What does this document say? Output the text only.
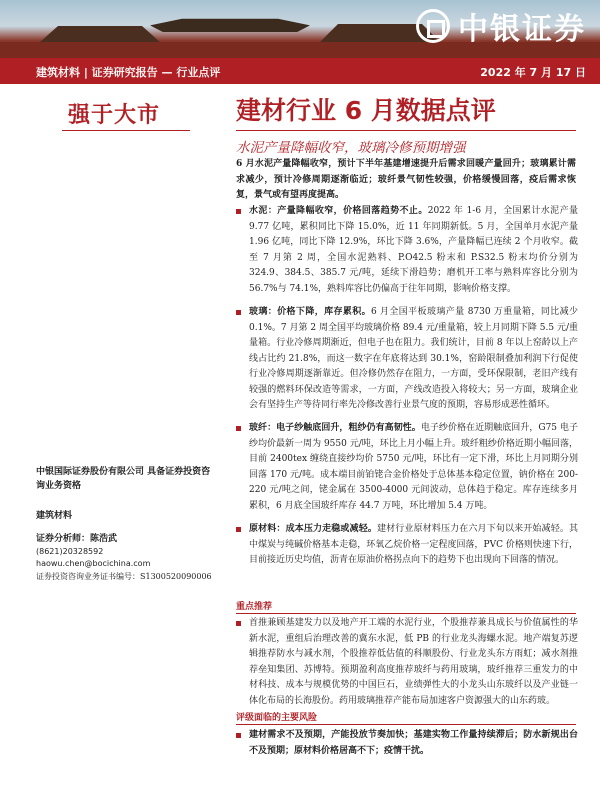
中银证券
建筑材料 | 证券研究报告 — 行业点评	2022 年 7 月 17 日
强于大市	建材行业 6 月数据点评
水泥产量降幅收窄，玻璃冷修预期增强
6 月水泥产量降幅收窄，预计下半年基建增速提升后需求回暖产量回升；玻璃累计需求减少，预计冷修周期逐渐临近；玻纤景气韧性较强，价格缓慢回落，疫后需求恢复，景气或有望再度提高。
水泥：产量降幅收窄，价格回落趋势不止。2022 年 1-6 月，全国累计水泥产量 9.77 亿吨，累积同比下降 15.0%，近 11 年同期新低。5 月，全国单月水泥产量 1.96 亿吨，同比下降 12.9%，环比下降 3.6%，产量降幅已连续 2 个月收窄。截至 7 月第 2 周，全国水泥熟料、P.O42.5 粉末和 P.S32.5 粉末均价分别为 324.9、384.5、385.7 元/吨，延续下滑趋势；磨机开工率与熟料库容比分别为 56.7%与 74.1%，熟料库容比仍偏高于往年同期，影响价格支撑。
玻璃：价格下降，库存累积。6 月全国平板玻璃产量 8730 万重量箱，同比减少 0.1%。7 月第 2 周全国平均玻璃价格 89.4 元/重量箱，较上月同期下降 5.5 元/重量箱。行业冷修周期渐近，但电子也在阻力。我们统计，目前 8 年以上窑龄以上产线占比约 21.8%，而这一数字在年底将达到 30.1%，窑龄限制叠加利润下行促使行业冷修周期逐渐靠近。但冷修仍然存在阻力，一方面，受环保限制，老旧产线有较强的燃料环保改造等需求，一方面，产线改造投入将较大；另一方面，玻璃企业会有坚持生产等待同行率先冷修改善行业景气度的预期，容易形成恶性循环。
玻纤：电子纱触底回升，粗纱仍有高韧性。电子纱价格在近期触底回升，G75 电子纱均价最新一周为 9550 元/吨，环比上月小幅上升。玻纤粗纱价格近期小幅回落，目前 2400tex 缠绕直接纱均价 5750 元/吨，环比有一定下滑，环比上月同期分别回落 170 元/吨。成本端目前铂铑合金价格处于总体基本稳定位置，钠价格在 200-220 元/吨之间，铑金属在 3500-4000 元间波动，总体趋于稳定。库存连续多月累积，6 月底全国玻纤库存 44.7 万吨，环比增加 5.4 万吨。
原材料：成本压力走稳或减轻。建材行业原材料压力在六月下旬以来开始减轻。其中煤炭与纯碱价格基本走稳，环氧乙烷价格一定程度回落，PVC 价格则快速下行，目前接近历史均值，沥青在原油价格拐点向下的趋势下也出现向下回落的情况。
重点推荐
首推兼顾基建发力以及地产开工端的水泥行业，个股推荐兼具成长与价值属性的华新水泥，重组后治理改善的冀东水泥，低 PB 的行业龙头海螺水泥。地产端复苏逻辑推荐防水与减水剂，个股推荐低估值的科顺股份、行业龙头东方雨虹；减水剂推荐垒知集团、苏博特。预期盈利高度推荐玻纤与药用玻璃，玻纤推荐三重发力的中材科技、成本与规模优势的中国巨石，业绩弹性大的小龙头山东玻纤以及产业链一体化布局的长海股份。药用玻璃推荐产能布局加速客户资源强大的山东药玻。
评级面临的主要风险
建材需求不及预期，产能投放节奏加快；基建实物工作量持续滞后；防水新规出台不及预期；原材料价格居高不下；疫情干扰。
中银国际证券股份有限公司 具备证券投资咨询业务资格
建筑材料
证券分析师：陈浩武
(8621)20328592
haowu.chen@bocichina.com
证券投资咨询业务证书编号：S1300520090006
